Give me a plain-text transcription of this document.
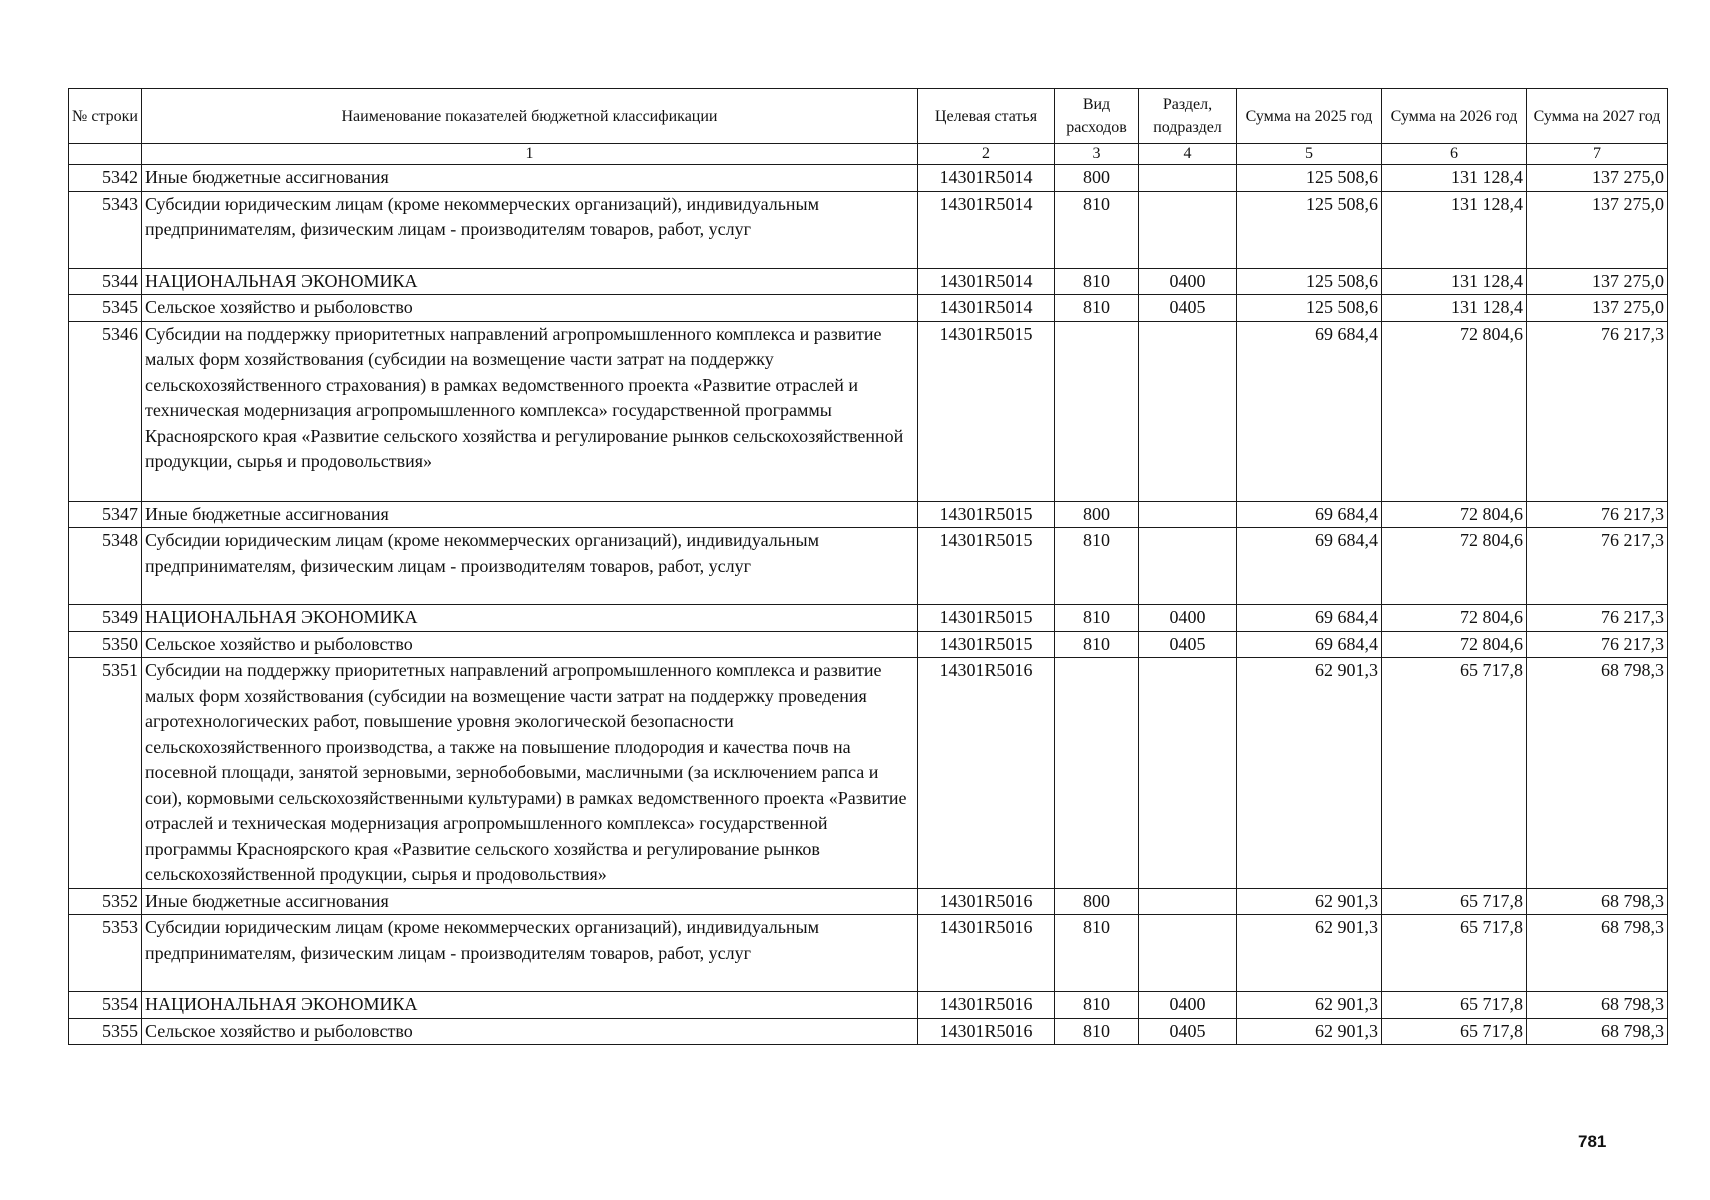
№ строки	Наименование показателей бюджетной классификации	Целевая статья	Вид расходов	Раздел, подраздел	Сумма на 2025 год	Сумма на 2026 год	Сумма на 2027 год
	1	2	3	4	5	6	7
5342	Иные бюджетные ассигнования	14301R5014	800		125 508,6	131 128,4	137 275,0
5343	Субсидии юридическим лицам (кроме некоммерческих организаций), индивидуальным предпринимателям, физическим лицам - производителям товаров, работ, услуг	14301R5014	810		125 508,6	131 128,4	137 275,0
5344	НАЦИОНАЛЬНАЯ ЭКОНОМИКА	14301R5014	810	0400	125 508,6	131 128,4	137 275,0
5345	Сельское хозяйство и рыболовство	14301R5014	810	0405	125 508,6	131 128,4	137 275,0
5346	Субсидии на поддержку приоритетных направлений агропромышленного комплекса и развитие малых форм хозяйствования (субсидии на возмещение части затрат на поддержку сельскохозяйственного страхования) в рамках ведомственного проекта «Развитие отраслей и техническая модернизация агропромышленного комплекса» государственной программы Красноярского края «Развитие сельского хозяйства и регулирование рынков сельскохозяйственной продукции, сырья и продовольствия»	14301R5015			69 684,4	72 804,6	76 217,3
5347	Иные бюджетные ассигнования	14301R5015	800		69 684,4	72 804,6	76 217,3
5348	Субсидии юридическим лицам (кроме некоммерческих организаций), индивидуальным предпринимателям, физическим лицам - производителям товаров, работ, услуг	14301R5015	810		69 684,4	72 804,6	76 217,3
5349	НАЦИОНАЛЬНАЯ ЭКОНОМИКА	14301R5015	810	0400	69 684,4	72 804,6	76 217,3
5350	Сельское хозяйство и рыболовство	14301R5015	810	0405	69 684,4	72 804,6	76 217,3
5351	Субсидии на поддержку приоритетных направлений агропромышленного комплекса и развитие малых форм хозяйствования (субсидии на возмещение части затрат на поддержку проведения агротехнологических работ, повышение уровня экологической безопасности сельскохозяйственного производства, а также на повышение плодородия и качества почв на посевной площади, занятой зерновыми, зернобобовыми, масличными (за исключением рапса и сои), кормовыми сельскохозяйственными культурами) в рамках ведомственного проекта «Развитие отраслей и техническая модернизация агропромышленного комплекса» государственной программы Красноярского края «Развитие сельского хозяйства и регулирование рынков сельскохозяйственной продукции, сырья и продовольствия»	14301R5016			62 901,3	65 717,8	68 798,3
5352	Иные бюджетные ассигнования	14301R5016	800		62 901,3	65 717,8	68 798,3
5353	Субсидии юридическим лицам (кроме некоммерческих организаций), индивидуальным предпринимателям, физическим лицам - производителям товаров, работ, услуг	14301R5016	810		62 901,3	65 717,8	68 798,3
5354	НАЦИОНАЛЬНАЯ ЭКОНОМИКА	14301R5016	810	0400	62 901,3	65 717,8	68 798,3
5355	Сельское хозяйство и рыболовство	14301R5016	810	0405	62 901,3	65 717,8	68 798,3
781
